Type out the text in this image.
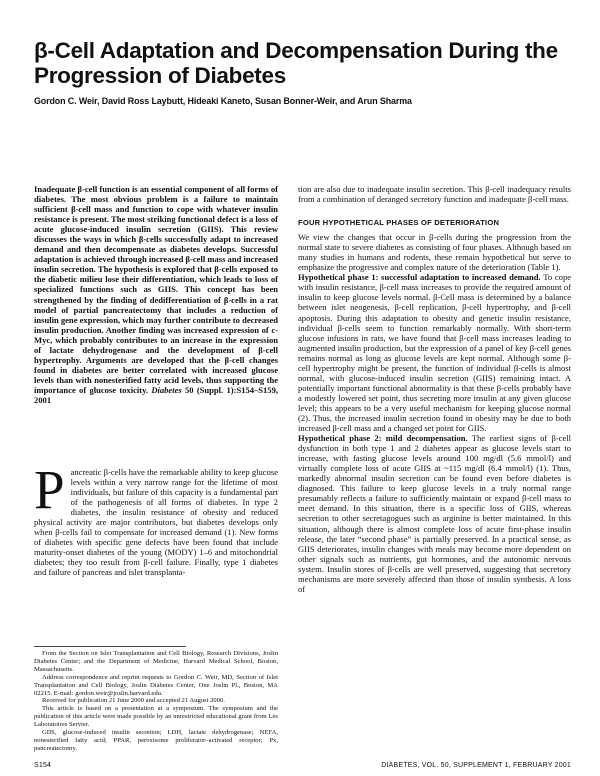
β-Cell Adaptation and Decompensation During the Progression of Diabetes

Gordon C. Weir, David Ross Laybutt, Hideaki Kaneto, Susan Bonner-Weir, and Arun Sharma

Inadequate β-cell function is an essential component of all forms of diabetes. The most obvious problem is a failure to maintain sufficient β-cell mass and function to cope with whatever insulin resistance is present. The most striking functional defect is a loss of acute glucose-induced insulin secretion (GIIS). This review discusses the ways in which β-cells successfully adapt to increased demand and then decompensate as diabetes develops. Successful adaptation is achieved through increased β-cell mass and increased insulin secretion. The hypothesis is explored that β-cells exposed to the diabetic milieu lose their differentiation, which leads to loss of specialized functions such as GIIS. This concept has been strengthened by the finding of dedifferentiation of β-cells in a rat model of partial pancreatectomy that includes a reduction of insulin gene expression, which may further contribute to decreased insulin production. Another finding was increased expression of c-Myc, which probably contributes to an increase in the expression of lactate dehydrogenase and the development of β-cell hypertrophy. Arguments are developed that the β-cell changes found in diabetes are better correlated with increased glucose levels than with nonesterified fatty acid levels, thus supporting the importance of glucose toxicity. Diabetes 50 (Suppl. 1):S154–S159, 2001

Pancreatic β-cells have the remarkable ability to keep glucose levels within a very narrow range for the lifetime of most individuals, but failure of this capacity is a fundamental part of the pathogenesis of all forms of diabetes. In type 2 diabetes, the insulin resistance of obesity and reduced physical activity are major contributors, but diabetes develops only when β-cells fail to compensate for increased demand (1). New forms of diabetes with specific gene defects have been found that include maturity-onset diabetes of the young (MODY) 1–6 and mitochondrial diabetes; they too result from β-cell failure. Finally, type 1 diabetes and failure of pancreas and islet transplanta-

From the Section on Islet Transplantation and Cell Biology, Research Divisions, Joslin Diabetes Center; and the Department of Medicine, Harvard Medical School, Boston, Massachusetts.

Address correspondence and reprint requests to Gordon C. Weir, MD, Section of Islet Transplantation and Cell Biology, Joslin Diabetes Center, One Joslin Pl., Boston, MA 02215. E-mail: gordon.weir@joslin.harvard.edu.

Received for publication 21 June 2000 and accepted 21 August 2000.

This article is based on a presentation at a symposium. The symposium and the publication of this article were made possible by an unrestricted educational grant from Les Laboratoires Servier.

GIIS, glucose-induced insulin secretion; LDH, lactate dehydrogenase; NEFA, nonesterified fatty acid; PPAR, peroxisome proliferator–activated receptor; Px, pancreatectomy.

tion are also due to inadequate insulin secretion. This β-cell inadequacy results from a combination of deranged secretory function and inadequate β-cell mass.

FOUR HYPOTHETICAL PHASES OF DETERIORATION

We view the changes that occur in β-cells during the progression from the normal state to severe diabetes as consisting of four phases. Although based on many studies in humans and rodents, these remain hypothetical but serve to emphasize the progressive and complex nature of the deterioration (Table 1).

Hypothetical phase 1: successful adaptation to increased demand. To cope with insulin resistance, β-cell mass increases to provide the required amount of insulin to keep glucose levels normal. β-Cell mass is determined by a balance between islet neogenesis, β-cell replication, β-cell hypertrophy, and β-cell apoptosis. During this adaptation to obesity and genetic insulin resistance, individual β-cells seem to function remarkably normally. With short-term glucose infusions in rats, we have found that β-cell mass increases leading to augmented insulin production, but the expression of a panel of key β-cell genes remains normal as long as glucose levels are kept normal. Although some β-cell hypertrophy might be present, the function of individual β-cells is almost normal, with glucose-induced insulin secretion (GIIS) remaining intact. A potentially important functional abnormality is that these β-cells probably have a modestly lowered set point, thus secreting more insulin at any given glucose level; this appears to be a very useful mechanism for keeping glucose normal (2). Thus, the increased insulin secretion found in obesity may be due to both increased β-cell mass and a changed set point for GIIS.

Hypothetical phase 2: mild decompensation. The earliest signs of β-cell dysfunction in both type 1 and 2 diabetes appear as glucose levels start to increase, with fasting glucose levels around 100 mg/dl (5.6 mmol/l) and virtually complete loss of acute GIIS at ~115 mg/dl (6.4 mmol/l) (1). Thus, markedly abnormal insulin secretion can be found even before diabetes is diagnosed. This failure to keep glucose levels in a truly normal range presumably reflects a failure to sufficiently maintain or expand β-cell mass to meet demand. In this situation, there is a specific loss of GIIS, whereas secretion to other secretagogues such as arginine is better maintained. In this situation, although there is almost complete loss of acute first-phase insulin release, the later “second phase” is partially preserved. In a practical sense, as GIIS deteriorates, insulin changes with meals may become more dependent on other signals such as nutrients, gut hormones, and the autonomic nervous system. Insulin stores of β-cells are well preserved, suggesting that secretory mechanisms are more severely affected than those of insulin synthesis. A loss of

S154	DIABETES, VOL. 50, SUPPLEMENT 1, FEBRUARY 2001
